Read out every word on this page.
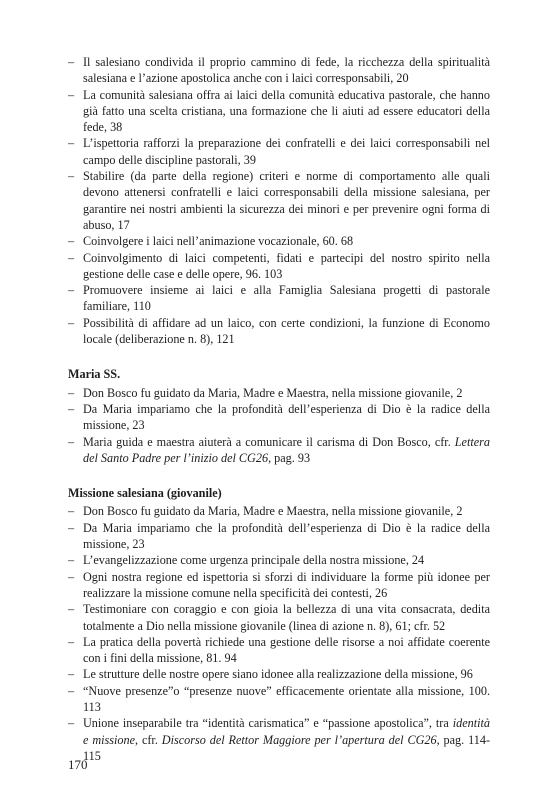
– Il salesiano condivida il proprio cammino di fede, la ricchezza della spiritualità salesiana e l’azione apostolica anche con i laici corresponsabili, 20
– La comunità salesiana offra ai laici della comunità educativa pastorale, che hanno già fatto una scelta cristiana, una formazione che li aiuti ad essere educatori della fede, 38
– L’ispettoria rafforzi la preparazione dei confratelli e dei laici corresponsabili nel campo delle discipline pastorali, 39
– Stabilire (da parte della regione) criteri e norme di comportamento alle quali devono attenersi confratelli e laici corresponsabili della missione salesiana, per garantire nei nostri ambienti la sicurezza dei minori e per prevenire ogni forma di abuso, 17
– Coinvolgere i laici nell’animazione vocazionale, 60. 68
– Coinvolgimento di laici competenti, fidati e partecipi del nostro spirito nella gestione delle case e delle opere, 96. 103
– Promuovere insieme ai laici e alla Famiglia Salesiana progetti di pastorale familiare, 110
– Possibilità di affidare ad un laico, con certe condizioni, la funzione di Economo locale (deliberazione n. 8), 121
Maria SS.
– Don Bosco fu guidato da Maria, Madre e Maestra, nella missione giovanile, 2
– Da Maria impariamo che la profondità dell’esperienza di Dio è la radice della missione, 23
– Maria guida e maestra aiuterà a comunicare il carisma di Don Bosco, cfr. Lettera del Santo Padre per l’inizio del CG26, pag. 93
Missione salesiana (giovanile)
– Don Bosco fu guidato da Maria, Madre e Maestra, nella missione giovanile, 2
– Da Maria impariamo che la profondità dell’esperienza di Dio è la radice della missione, 23
– L’evangelizzazione come urgenza principale della nostra missione, 24
– Ogni nostra regione ed ispettoria si sforzi di individuare la forme più idonee per realizzare la missione comune nella specificità dei contesti, 26
– Testimoniare con coraggio e con gioia la bellezza di una vita consacrata, dedita totalmente a Dio nella missione giovanile (linea di azione n. 8), 61; cfr. 52
– La pratica della povertà richiede una gestione delle risorse a noi affidate coerente con i fini della missione, 81. 94
– Le strutture delle nostre opere siano idonee alla realizzazione della missione, 96
– “Nuove presenze”o “presenze nuove” efficacemente orientate alla missione, 100. 113
– Unione inseparabile tra “identità carismatica” e “passione apostolica”, tra identità e missione, cfr. Discorso del Rettor Maggiore per l’apertura del CG26, pag. 114-115
170
